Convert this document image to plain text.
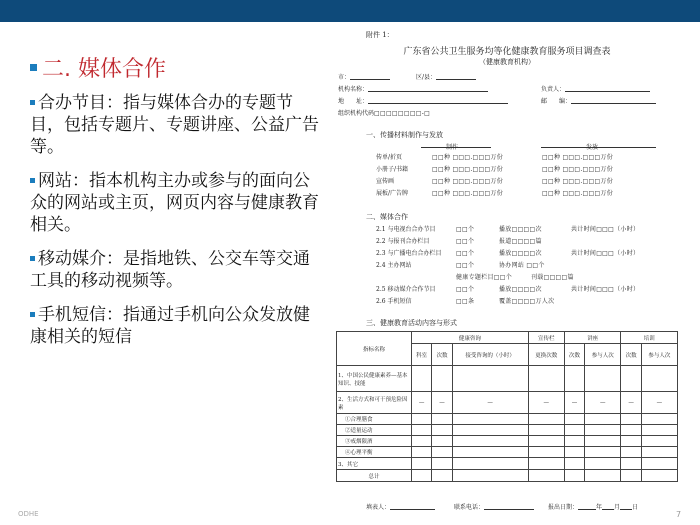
二. 媒体合作
合办节目：指与媒体合办的专题节目，包括专题片、专题讲座、公益广告等。
网站：指本机构主办或参与的面向公众的网站或主页，网页内容与健康教育相关。
移动媒介：是指地铁、公交车等交通工具的移动视频等。
手机短信：指通过手机向公众发放健康相关的短信
ODHE	7
附件 1：
广东省公共卫生服务均等化健康教育服务项目调查表
（健康教育机构）
市：	区/县：
机构名称：	负责人：
地　　址：	邮　　编：
组织机构代码□□□□□□□□-□
一、传播材料制作与发放
制作	发放
传单/折页	□□种 □□□.□□□万份	□□种 □□□.□□□万份
小册子/书籍	□□种 □□□.□□□万份	□□种 □□□.□□□万份
宣传画	□□种 □□□.□□□万份	□□种 □□□.□□□万份
展板/广告牌	□□种 □□□.□□□万份	□□种 □□□.□□□万份
二、媒体合作
2.1 与电视台合办节目	□□个	播放□□□□次	共计时间□□□（小时）
2.2 与报刊合办栏目	□□个	报道□□□□篇
2.3 与广播电台合办栏目 □□个	播放□□□□次	共计时间□□□（小时）
2.4 主办网站	□□个	协办网站 □□个
健康专题栏目□□个	刊载□□□□篇
2.5 移动媒介合作节目	□□个	播放□□□□次	共计时间□□□（小时）
2.6 手机短信	□□条	覆盖□□□□万人次
三、健康教育活动内容与形式
指标名称	健康咨询			宣传栏	讲座		培训	
	科室	次数	接受咨询的（小时）	更换次数	次数	参与人次	次数	参与人次
1、中国公民健康素养—基本知识、技能								
2、生活方式和可干预危险因素	—	—	—	—	—	—	—	—
①合理膳食								
②适量运动								
③戒烟限酒								
④心理平衡								
3、其它								
总计								
填表人：	联系电话：	报出日期：	年 月 日
